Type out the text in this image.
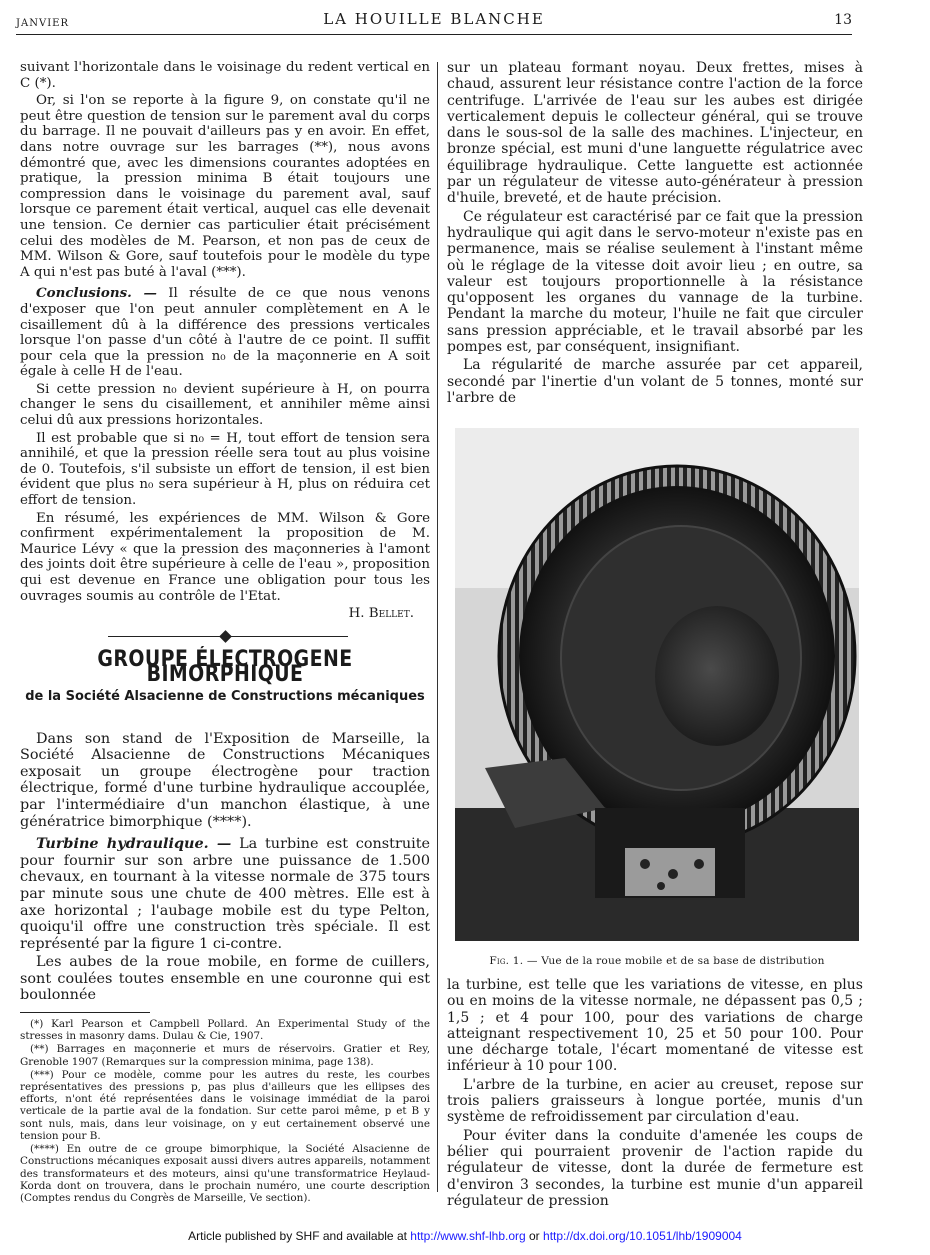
JANVIER	LA HOUILLE BLANCHE	13

suivant l'horizontale dans le voisinage du redent vertical en C (*).

Or, si l'on se reporte à la figure 9, on constate qu'il ne peut être question de tension sur le parement aval du corps du barrage. Il ne pouvait d'ailleurs pas y en avoir. En effet, dans notre ouvrage sur les barrages (**), nous avons démontré que, avec les dimensions courantes adoptées en pratique, la pression minima B était toujours une compression dans le voisinage du parement aval, sauf lorsque ce parement était vertical, auquel cas elle devenait une tension. Ce dernier cas particulier était précisément celui des modèles de M. Pearson, et non pas de ceux de MM. Wilson & Gore, sauf toutefois pour le modèle du type A qui n'est pas buté à l'aval (***).

Conclusions. — Il résulte de ce que nous venons d'exposer que l'on peut annuler complètement en A le cisaillement dû à la différence des pressions verticales lorsque l'on passe d'un côté à l'autre de ce point. Il suffit pour cela que la pression n₀ de la maçonnerie en A soit égale à celle H de l'eau.

Si cette pression n₀ devient supérieure à H, on pourra changer le sens du cisaillement, et annihiler même ainsi celui dû aux pressions horizontales.

Il est probable que si n₀ = H, tout effort de tension sera annihilé, et que la pression réelle sera tout au plus voisine de 0. Toutefois, s'il subsiste un effort de tension, il est bien évident que plus n₀ sera supérieur à H, plus on réduira cet effort de tension.

En résumé, les expériences de MM. Wilson & Gore confirment expérimentalement la proposition de M. Maurice Lévy « que la pression des maçonneries à l'amont des joints doit être supérieure à celle de l'eau », proposition qui est devenue en France une obligation pour tous les ouvrages soumis au contrôle de l'Etat.

H. Bellet.
GROUPE ÉLECTROGENE BIMORPHIQUE
de la Société Alsacienne de Constructions mécaniques

Dans son stand de l'Exposition de Marseille, la Société Alsacienne de Constructions Mécaniques exposait un groupe électrogène pour traction électrique, formé d'une turbine hydraulique accouplée, par l'intermédiaire d'un manchon élastique, à une génératrice bimorphique (****).

Turbine hydraulique. — La turbine est construite pour fournir sur son arbre une puissance de 1.500 chevaux, en tournant à la vitesse normale de 375 tours par minute sous une chute de 400 mètres. Elle est à axe horizontal ; l'aubage mobile est du type Pelton, quoiqu'il offre une construction très spéciale. Il est représenté par la figure 1 ci-contre.

Les aubes de la roue mobile, en forme de cuillers, sont coulées toutes ensemble en une couronne qui est boulonnée

(*) Karl Pearson et Campbell Pollard. An Experimental Study of the stresses in masonry dams. Dulau & Cie, 1907.

(**) Barrages en maçonnerie et murs de réservoirs. Gratier et Rey, Grenoble 1907 (Remarques sur la compression minima, page 138).

(***) Pour ce modèle, comme pour les autres du reste, les courbes représentatives des pressions p, pas plus d'ailleurs que les ellipses des efforts, n'ont été représentées dans le voisinage immédiat de la paroi verticale de la partie aval de la fondation. Sur cette paroi même, p et B y sont nuls, mais, dans leur voisinage, on y eut certainement observé une tension pour B.

(****) En outre de ce groupe bimorphique, la Société Alsacienne de Constructions mécaniques exposait aussi divers autres appareils, notamment des transformateurs et des moteurs, ainsi qu'une transformatrice Heylaud-Korda dont on trouvera, dans le prochain numéro, une courte description (Comptes rendus du Congrès de Marseille, Ve section).

sur un plateau formant noyau. Deux frettes, mises à chaud, assurent leur résistance contre l'action de la force centrifuge. L'arrivée de l'eau sur les aubes est dirigée verticalement depuis le collecteur général, qui se trouve dans le sous-sol de la salle des machines. L'injecteur, en bronze spécial, est muni d'une languette régulatrice avec équilibrage hydraulique. Cette languette est actionnée par un régulateur de vitesse auto-générateur à pression d'huile, breveté, et de haute précision.

Ce régulateur est caractérisé par ce fait que la pression hydraulique qui agit dans le servo-moteur n'existe pas en permanence, mais se réalise seulement à l'instant même où le réglage de la vitesse doit avoir lieu ; en outre, sa valeur est toujours proportionnelle à la résistance qu'opposent les organes du vannage de la turbine. Pendant la marche du moteur, l'huile ne fait que circuler sans pression appréciable, et le travail absorbé par les pompes est, par conséquent, insignifiant.

La régularité de marche assurée par cet appareil, secondé par l'inertie d'un volant de 5 tonnes, monté sur l'arbre de

Fig. 1. — Vue de la roue mobile et de sa base de distribution

la turbine, est telle que les variations de vitesse, en plus ou en moins de la vitesse normale, ne dépassent pas 0,5 ; 1,5 ; et 4 pour 100, pour des variations de charge atteignant respectivement 10, 25 et 50 pour 100. Pour une décharge totale, l'écart momentané de vitesse est inférieur à 10 pour 100.

L'arbre de la turbine, en acier au creuset, repose sur trois paliers graisseurs à longue portée, munis d'un système de refroidissement par circulation d'eau.

Pour éviter dans la conduite d'amenée les coups de bélier qui pourraient provenir de l'action rapide du régulateur de vitesse, dont la durée de fermeture est d'environ 3 secondes, la turbine est munie d'un appareil régulateur de pression

Article published by SHF and available at http://www.shf-lhb.org or http://dx.doi.org/10.1051/lhb/1909004
